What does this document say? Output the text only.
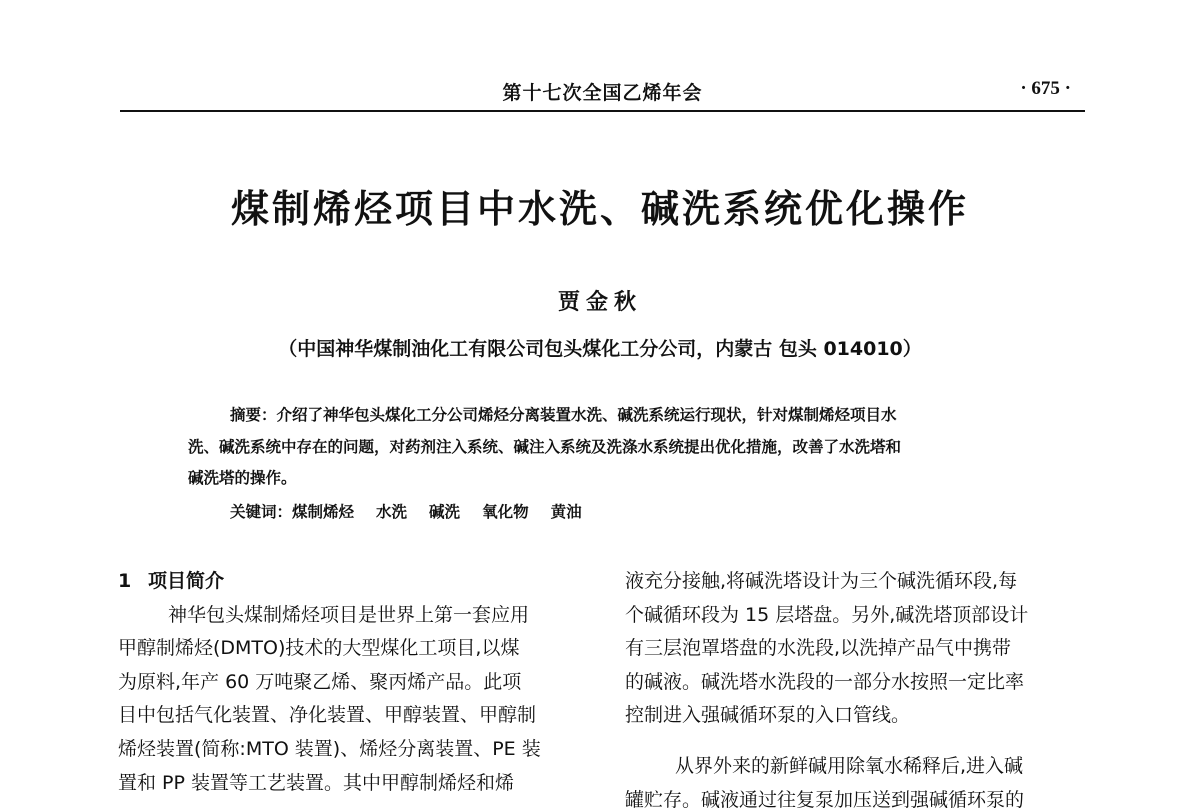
第十七次全国乙烯年会	· 675 ·
煤制烯烃项目中水洗、碱洗系统优化操作
贾金秋
（中国神华煤制油化工有限公司包头煤化工分公司，内蒙古 包头 014010）
摘要：介绍了神华包头煤化工分公司烯烃分离装置水洗、碱洗系统运行现状，针对煤制烯烃项目水
洗、碱洗系统中存在的问题，对药剂注入系统、碱注入系统及洗涤水系统提出优化措施，改善了水洗塔和
碱洗塔的操作。
关键词：煤制烯烃 水洗 碱洗 氧化物 黄油
1 项目简介
神华包头煤制烯烃项目是世界上第一套应用
甲醇制烯烃(DMTO)技术的大型煤化工项目,以煤
为原料,年产 60 万吨聚乙烯、聚丙烯产品。此项
目中包括气化装置、净化装置、甲醇装置、甲醇制
烯烃装置(简称:MTO 装置)、烯烃分离装置、PE 装
置和 PP 装置等工艺装置。其中甲醇制烯烃和烯
液充分接触,将碱洗塔设计为三个碱洗循环段,每
个碱循环段为 15 层塔盘。另外,碱洗塔顶部设计
有三层泡罩塔盘的水洗段,以洗掉产品气中携带
的碱液。碱洗塔水洗段的一部分水按照一定比率
控制进入强碱循环泵的入口管线。
从界外来的新鲜碱用除氧水稀释后,进入碱
罐贮存。碱液通过往复泵加压送到强碱循环泵的
